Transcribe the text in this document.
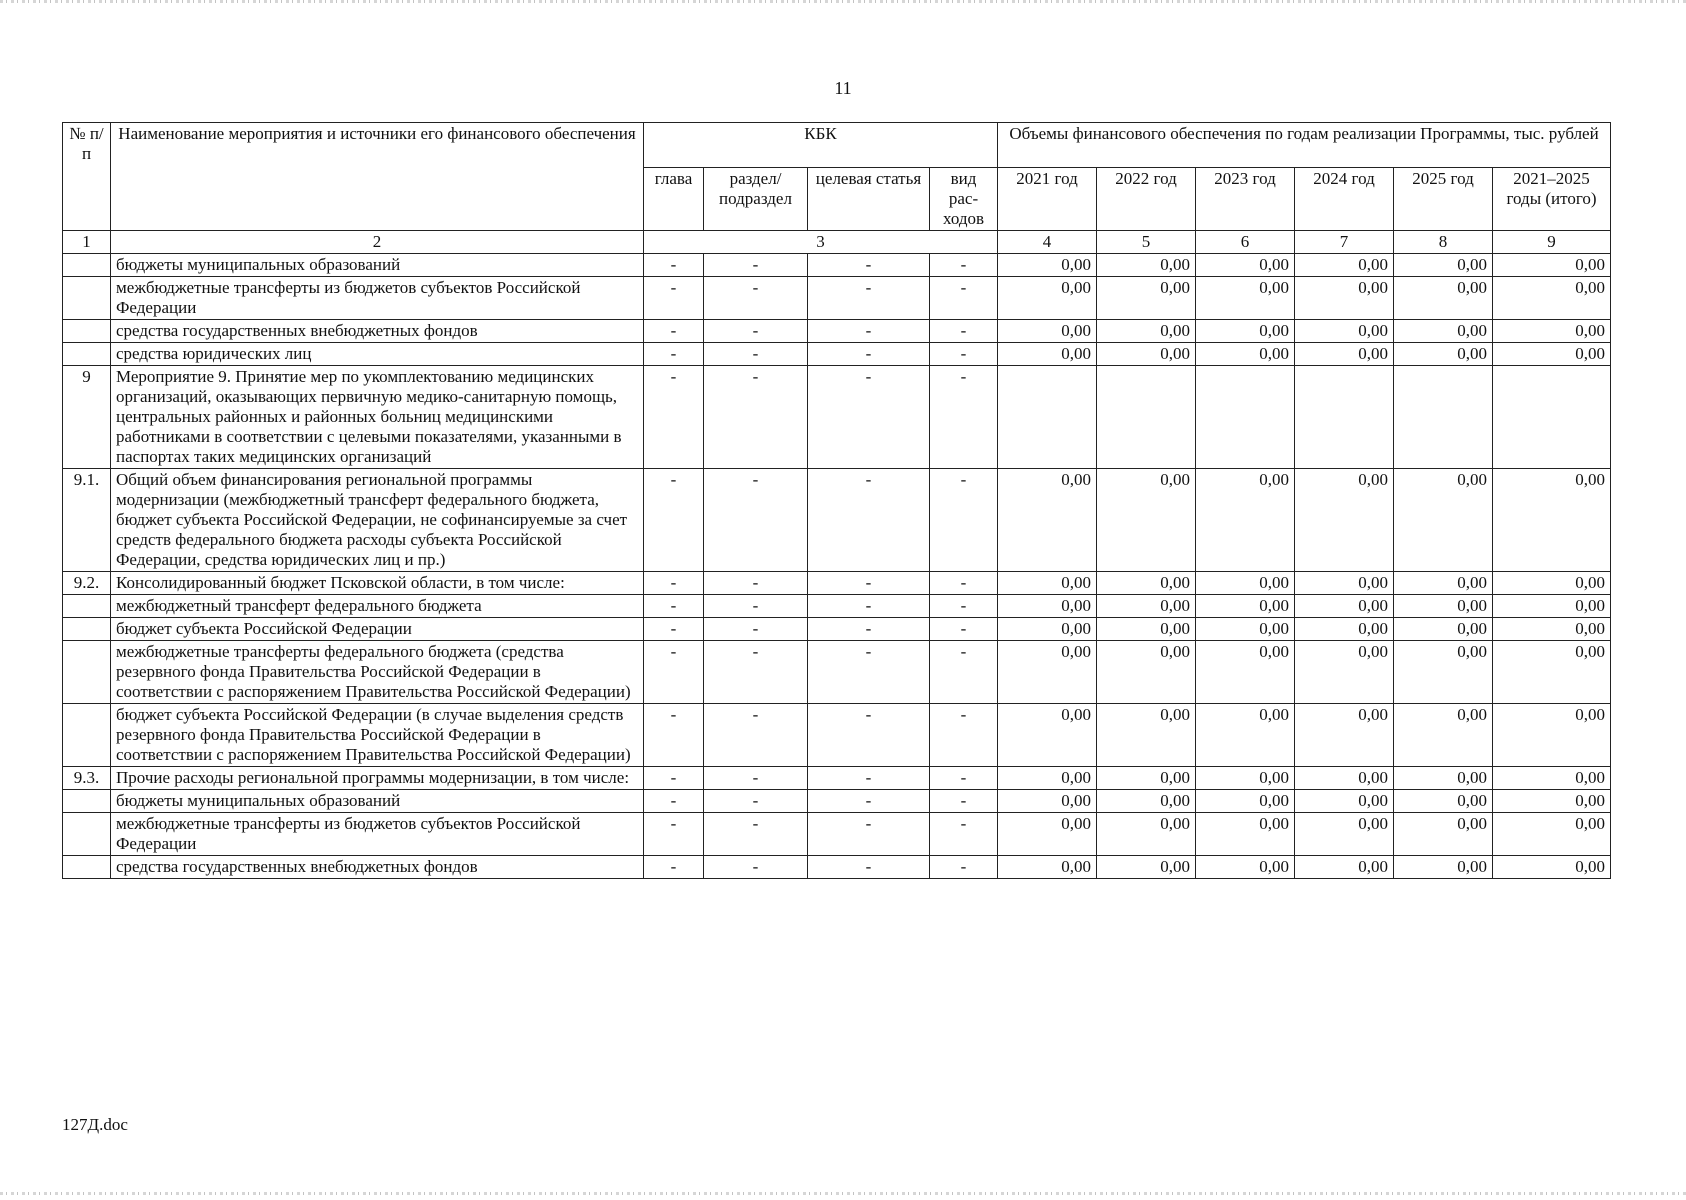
11
№ п/п	Наименование мероприятия и источники его финансового обеспечения	КБК				Объемы финансового обеспечения по годам реализации Программы, тыс. рублей					
		глава	раздел/ подраздел	целевая статья	вид рас-ходов	2021 год	2022 год	2023 год	2024 год	2025 год	2021–2025 годы (итого)
1	2	3				4	5	6	7	8	9
	бюджеты муниципальных образований	-	-	-	-	0,00	0,00	0,00	0,00	0,00	0,00
	межбюджетные трансферты из бюджетов субъектов Российской Федерации	-	-	-	-	0,00	0,00	0,00	0,00	0,00	0,00
	средства государственных внебюджетных фондов	-	-	-	-	0,00	0,00	0,00	0,00	0,00	0,00
	средства юридических лиц	-	-	-	-	0,00	0,00	0,00	0,00	0,00	0,00
9	Мероприятие 9. Принятие мер по укомплектованию медицинских организаций, оказывающих первичную медико-санитарную помощь, центральных районных и районных больниц медицинскими работниками в соответствии с целевыми показателями, указанными в паспортах таких медицинских организаций	-	-	-	-						
9.1.	Общий объем финансирования региональной программы модернизации (межбюджетный трансферт федерального бюджета, бюджет субъекта Российской Федерации, не софинансируемые за счет средств федерального бюджета расходы субъекта Российской Федерации, средства юридических лиц и пр.)	-	-	-	-	0,00	0,00	0,00	0,00	0,00	0,00
9.2.	Консолидированный бюджет Псковской области, в том числе:	-	-	-	-	0,00	0,00	0,00	0,00	0,00	0,00
	межбюджетный трансферт федерального бюджета	-	-	-	-	0,00	0,00	0,00	0,00	0,00	0,00
	бюджет субъекта Российской Федерации	-	-	-	-	0,00	0,00	0,00	0,00	0,00	0,00
	межбюджетные трансферты федерального бюджета (средства резервного фонда Правительства Российской Федерации в соответствии с распоряжением Правительства Российской Федерации)	-	-	-	-	0,00	0,00	0,00	0,00	0,00	0,00
	бюджет субъекта Российской Федерации (в случае выделения средств резервного фонда Правительства Российской Федерации в соответствии с распоряжением Правительства Российской Федерации)	-	-	-	-	0,00	0,00	0,00	0,00	0,00	0,00
9.3.	Прочие расходы региональной программы модернизации, в том числе:	-	-	-	-	0,00	0,00	0,00	0,00	0,00	0,00
	бюджеты муниципальных образований	-	-	-	-	0,00	0,00	0,00	0,00	0,00	0,00
	межбюджетные трансферты из бюджетов субъектов Российской Федерации	-	-	-	-	0,00	0,00	0,00	0,00	0,00	0,00
	средства государственных внебюджетных фондов	-	-	-	-	0,00	0,00	0,00	0,00	0,00	0,00
127Д.doc
